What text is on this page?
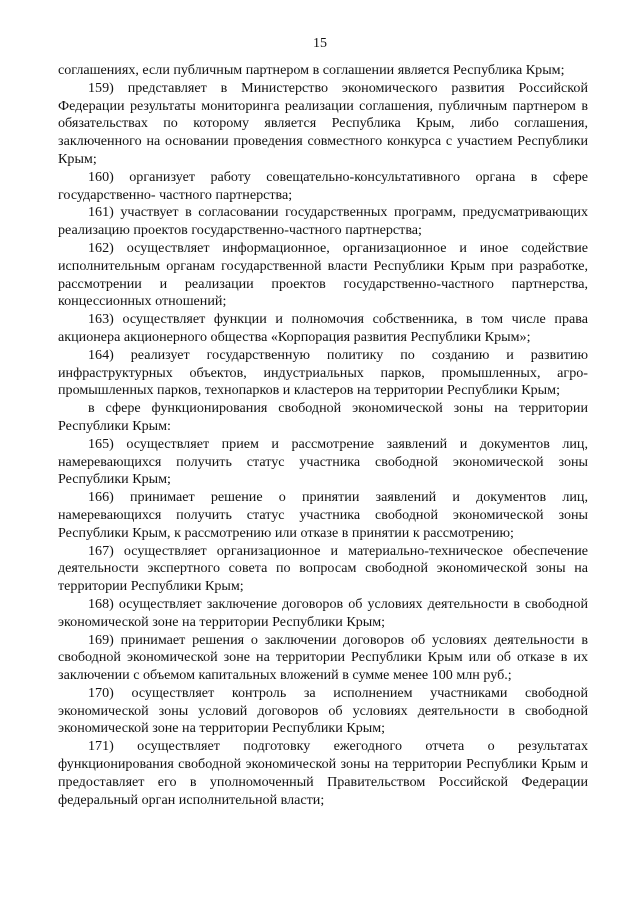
15

соглашениях, если публичным партнером в соглашении является Республика Крым;

159) представляет в Министерство экономического развития Российской Федерации результаты мониторинга реализации соглашения, публичным партнером в обязательствах по которому является Республика Крым, либо соглашения, заключенного на основании проведения совместного конкурса с участием Республики Крым;

160) организует работу совещательно-консультативного органа в сфере государственно- частного партнерства;

161) участвует в согласовании государственных программ, предусматривающих реализацию проектов государственно-частного партнерства;

162) осуществляет информационное, организационное и иное содействие исполнительным органам государственной власти Республики Крым при разработке, рассмотрении и реализации проектов государственно-частного партнерства, концессионных отношений;

163) осуществляет функции и полномочия собственника, в том числе права акционера акционерного общества «Корпорация развития Республики Крым»;

164) реализует государственную политику по созданию и развитию инфраструктурных объектов, индустриальных парков, промышленных, агро-промышленных парков, технопарков и кластеров на территории Республики Крым;

в сфере функционирования свободной экономической зоны на территории Республики Крым:

165) осуществляет прием и рассмотрение заявлений и документов лиц, намеревающихся получить статус участника свободной экономической зоны Республики Крым;

166) принимает решение о принятии заявлений и документов лиц, намеревающихся получить статус участника свободной экономической зоны Республики Крым, к рассмотрению или отказе в принятии к рассмотрению;

167) осуществляет организационное и материально-техническое обеспечение деятельности экспертного совета по вопросам свободной экономической зоны на территории Республики Крым;

168) осуществляет заключение договоров об условиях деятельности в свободной экономической зоне на территории Республики Крым;

169) принимает решения о заключении договоров об условиях деятельности в свободной экономической зоне на территории Республики Крым или об отказе в их заключении с объемом капитальных вложений в сумме менее 100 млн руб.;

170) осуществляет контроль за исполнением участниками свободной экономической зоны условий договоров об условиях деятельности в свободной экономической зоне на территории Республики Крым;

171) осуществляет подготовку ежегодного отчета о результатах функционирования свободной экономической зоны на территории Республики Крым и предоставляет его в уполномоченный Правительством Российской Федерации федеральный орган исполнительной власти;
